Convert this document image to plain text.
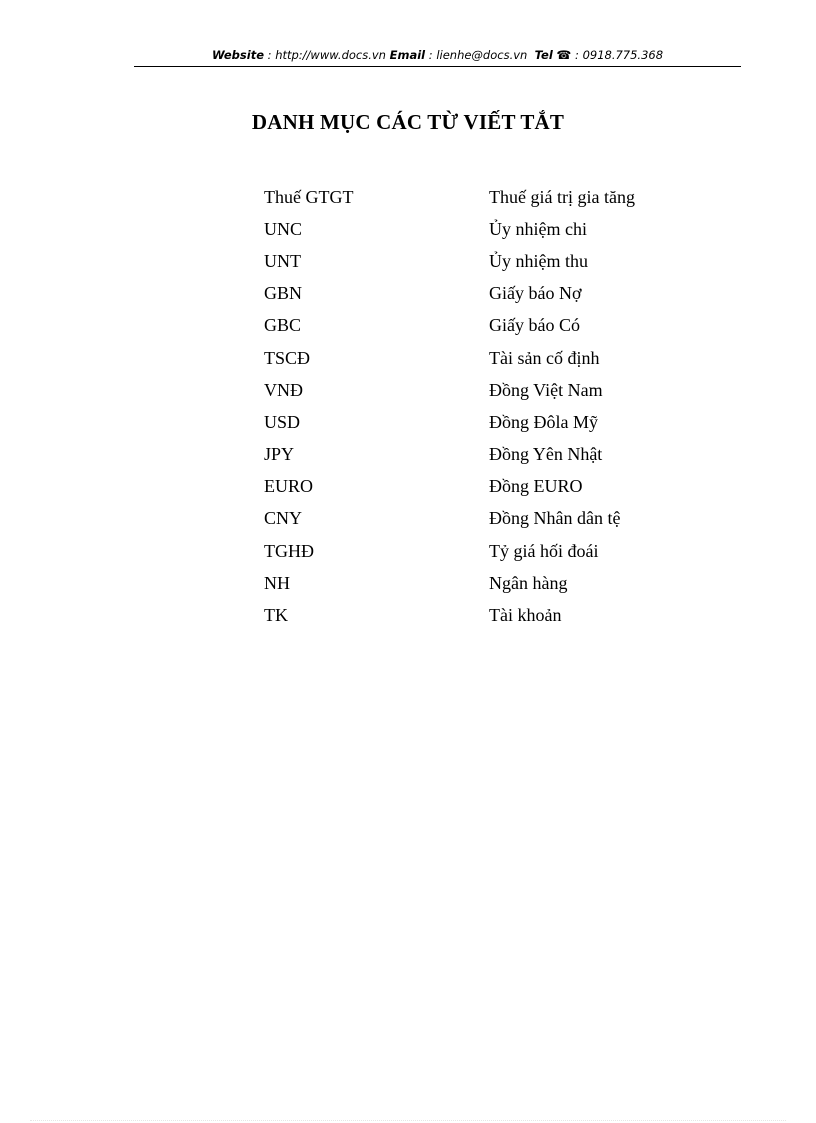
Website : http://www.docs.vn Email : lienhe@docs.vn Tel ☎ : 0918.775.368
DANH MỤC CÁC TỪ VIẾT TẮT
Thuế GTGT	Thuế giá trị gia tăng
UNC	Ủy nhiệm chi
UNT	Ủy nhiệm thu
GBN	Giấy báo Nợ
GBC	Giấy báo Có
TSCĐ	Tài sản cố định
VNĐ	Đồng Việt Nam
USD	Đồng Đôla Mỹ
JPY	Đồng Yên Nhật
EURO	Đồng EURO
CNY	Đồng Nhân dân tệ
TGHĐ	Tỷ giá hối đoái
NH	Ngân hàng
TK	Tài khoản
